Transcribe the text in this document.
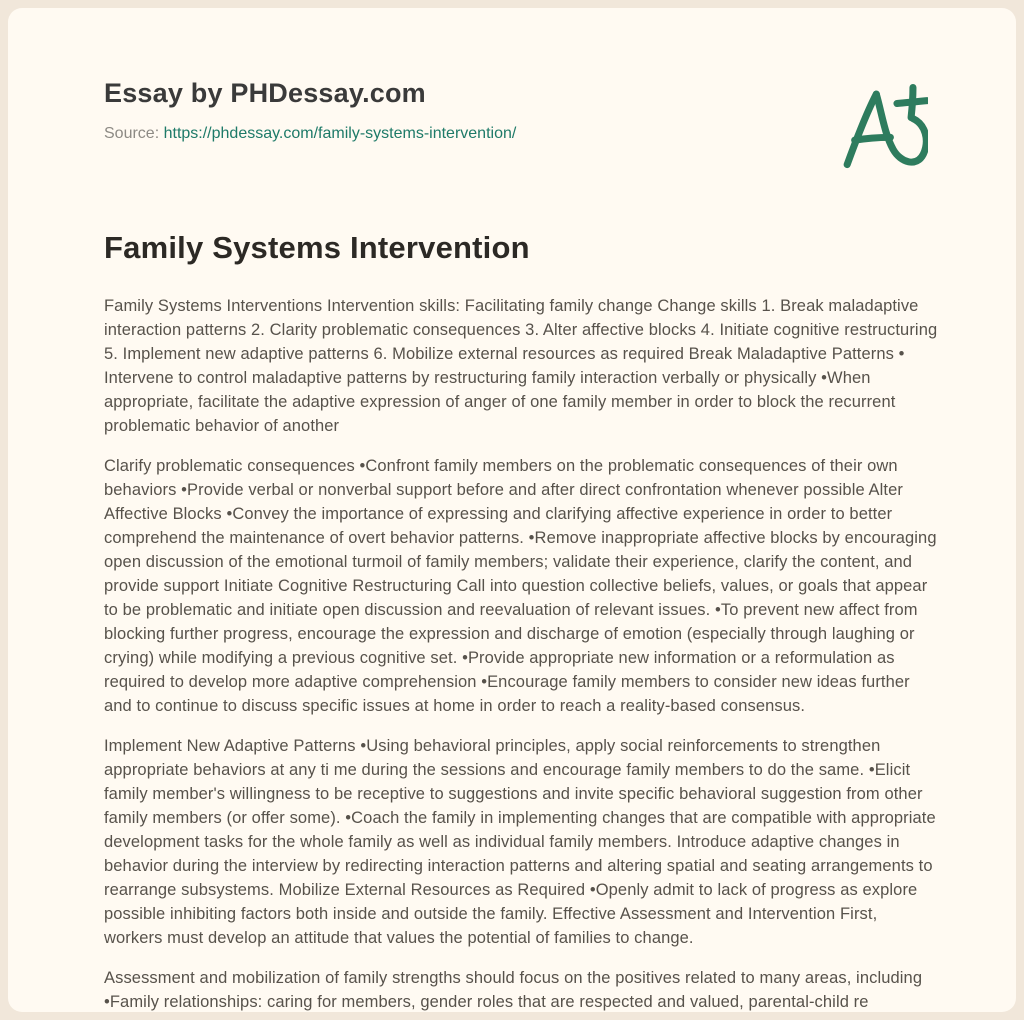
Essay by PHDessay.com
Source: https://phdessay.com/family-systems-intervention/
Family Systems Intervention

Family Systems Interventions Intervention skills: Facilitating family change Change skills 1. Break maladaptive interaction patterns 2. Clarity problematic consequences 3. Alter affective blocks 4. Initiate cognitive restructuring 5. Implement new adaptive patterns 6. Mobilize external resources as required Break Maladaptive Patterns • Intervene to control maladaptive patterns by restructuring family interaction verbally or physically •When appropriate, facilitate the adaptive expression of anger of one family member in order to block the recurrent problematic behavior of another

Clarify problematic consequences •Confront family members on the problematic consequences of their own behaviors •Provide verbal or nonverbal support before and after direct confrontation whenever possible Alter Affective Blocks •Convey the importance of expressing and clarifying affective experience in order to better comprehend the maintenance of overt behavior patterns. •Remove inappropriate affective blocks by encouraging open discussion of the emotional turmoil of family members; validate their experience, clarify the content, and provide support Initiate Cognitive Restructuring Call into question collective beliefs, values, or goals that appear to be problematic and initiate open discussion and reevaluation of relevant issues. •To prevent new affect from blocking further progress, encourage the expression and discharge of emotion (especially through laughing or crying) while modifying a previous cognitive set. •Provide appropriate new information or a reformulation as required to develop more adaptive comprehension •Encourage family members to consider new ideas further and to continue to discuss specific issues at home in order to reach a reality-based consensus.

Implement New Adaptive Patterns •Using behavioral principles, apply social reinforcements to strengthen appropriate behaviors at any ti me during the sessions and encourage family members to do the same. •Elicit family member's willingness to be receptive to suggestions and invite specific behavioral suggestion from other family members (or offer some). •Coach the family in implementing changes that are compatible with appropriate development tasks for the whole family as well as individual family members. Introduce adaptive changes in behavior during the interview by redirecting interaction patterns and altering spatial and seating arrangements to rearrange subsystems. Mobilize External Resources as Required •Openly admit to lack of progress as explore possible inhibiting factors both inside and outside the family. Effective Assessment and Intervention First, workers must develop an attitude that values the potential of families to change.

Assessment and mobilization of family strengths should focus on the positives related to many areas, including •Family relationships: caring for members, gender roles that are respected and valued, parental-child re
